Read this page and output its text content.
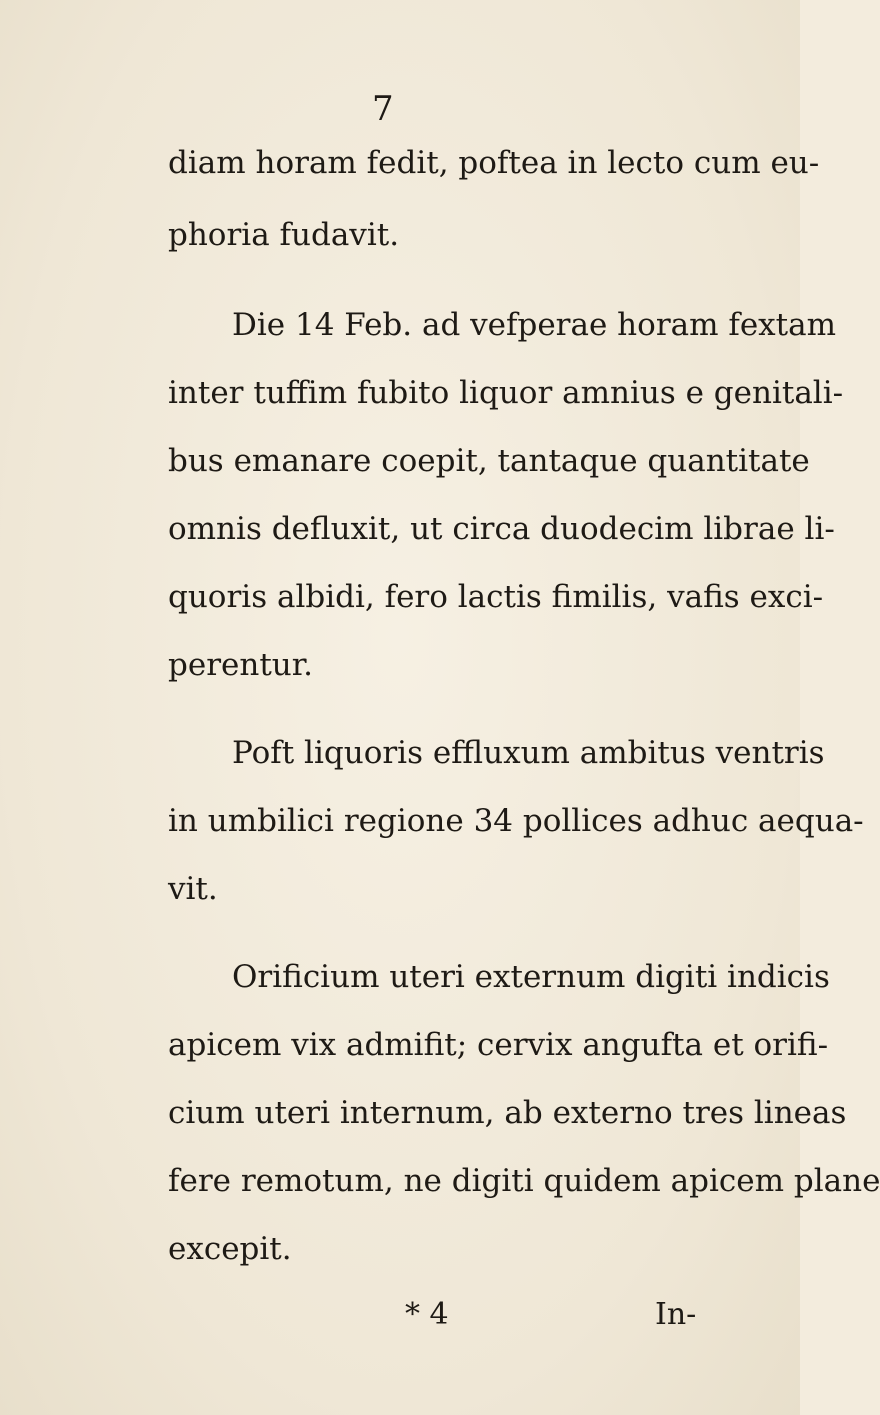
7
diam horam fedit, poftea in lecto cum eu-
phoria fudavit.
Die 14 Feb. ad vefperae horam fextam
inter tuffim fubito liquor amnius e genitali-
bus emanare coepit, tantaque quantitate
omnis defluxit, ut circa duodecim librae li-
quoris albidi, fero lactis fimilis, vafis exci-
perentur.
Poft liquoris effluxum ambitus ventris
in umbilici regione 34 pollices adhuc aequa-
vit.
Orificium uteri externum digiti indicis
apicem vix admifit; cervix angufta et orifi-
cium uteri internum, ab externo tres lineas
fere remotum, ne digiti quidem apicem plane
excepit.
* 4	In-
